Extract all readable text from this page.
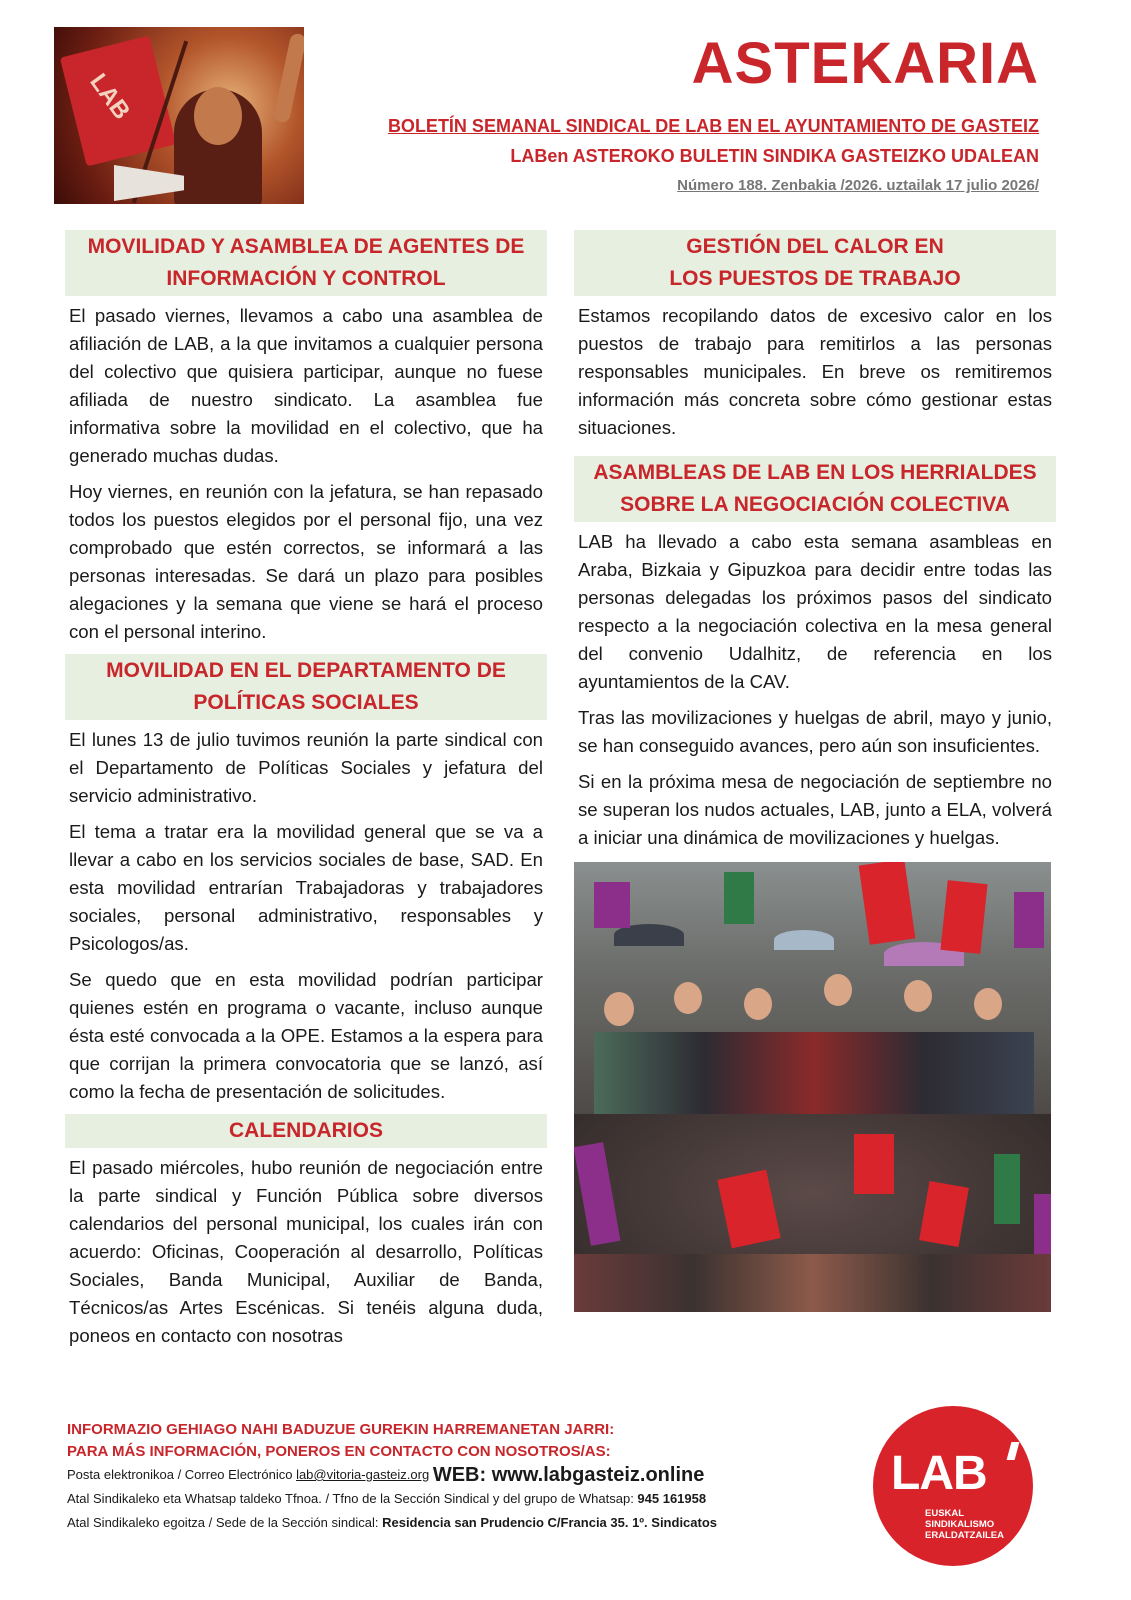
LAB
ASTEKARIA
BOLETÍN SEMANAL SINDICAL DE LAB EN EL AYUNTAMIENTO DE GASTEIZ
LABen ASTEROKO BULETIN SINDIKA GASTEIZKO UDALEAN
Número 188. Zenbakia /2026. uztailak 17 julio 2026/
MOVILIDAD Y ASAMBLEA DE AGENTES DE
INFORMACIÓN Y CONTROL

El pasado viernes, llevamos a cabo una asamblea de afiliación de LAB, a la que invitamos a cualquier persona del colectivo que quisiera participar, aunque no fuese afiliada de nuestro sindicato. La asamblea fue informativa sobre la movilidad en el colectivo, que ha generado muchas dudas.

Hoy viernes, en reunión con la jefatura, se han repasado todos los puestos elegidos por el personal fijo, una vez comprobado que estén correctos, se informará a las personas interesadas. Se dará un plazo para posibles alegaciones y la semana que viene se hará el proceso con el personal interino.

MOVILIDAD EN EL DEPARTAMENTO DE
POLÍTICAS SOCIALES

El lunes 13 de julio tuvimos reunión la parte sindical con el Departamento de Políticas Sociales y jefatura del servicio administrativo.

El tema a tratar era la movilidad general que se va a llevar a cabo en los servicios sociales de base, SAD. En esta movilidad entrarían Trabajadoras y trabajadores sociales, personal administrativo, responsables y Psicologos/as.

Se quedo que en esta movilidad podrían participar quienes estén en programa o vacante, incluso aunque ésta esté convocada a la OPE. Estamos a la espera para que corrijan la primera convocatoria que se lanzó, así como la fecha de presentación de solicitudes.

CALENDARIOS

El pasado miércoles, hubo reunión de negociación entre la parte sindical y Función Pública sobre diversos calendarios del personal municipal, los cuales irán con acuerdo: Oficinas, Cooperación al desarrollo, Políticas Sociales, Banda Municipal, Auxiliar de Banda, Técnicos/as Artes Escénicas. Si tenéis alguna duda, poneos en contacto con nosotras

GESTIÓN DEL CALOR EN
LOS PUESTOS DE TRABAJO

Estamos recopilando datos de excesivo calor en los puestos de trabajo para remitirlos a las personas responsables municipales. En breve os remitiremos información más concreta sobre cómo gestionar estas situaciones.

ASAMBLEAS DE LAB EN LOS HERRIALDES
SOBRE LA NEGOCIACIÓN COLECTIVA

LAB ha llevado a cabo esta semana asambleas en Araba, Bizkaia y Gipuzkoa para decidir entre todas las personas delegadas los próximos pasos del sindicato respecto a la negociación colectiva en la mesa general del convenio Udalhitz, de referencia en los ayuntamientos de la CAV.

Tras las movilizaciones y huelgas de abril, mayo y junio, se han conseguido avances, pero aún son insuficientes.

Si en la próxima mesa de negociación de septiembre no se superan los nudos actuales, LAB, junto a ELA, volverá a iniciar una dinámica de movilizaciones y huelgas.

INFORMAZIO GEHIAGO NAHI BADUZUE GUREKIN HARREMANETAN JARRI:
PARA MÁS INFORMACIÓN, PONEROS EN CONTACTO CON NOSOTROS/AS:
Posta elektronikoa / Correo Electrónico lab@vitoria-gasteiz.org WEB: www.labgasteiz.online
Atal Sindikaleko eta Whatsap taldeko Tfnoa. / Tfno de la Sección Sindical y del grupo de Whatsap: 945 161958
Atal Sindikaleko egoitza / Sede de la Sección sindical: Residencia san Prudencio C/Francia 35. 1º. Sindicatos
LAB
EUSKAL
SINDIKALISMO
ERALDATZAILEA
